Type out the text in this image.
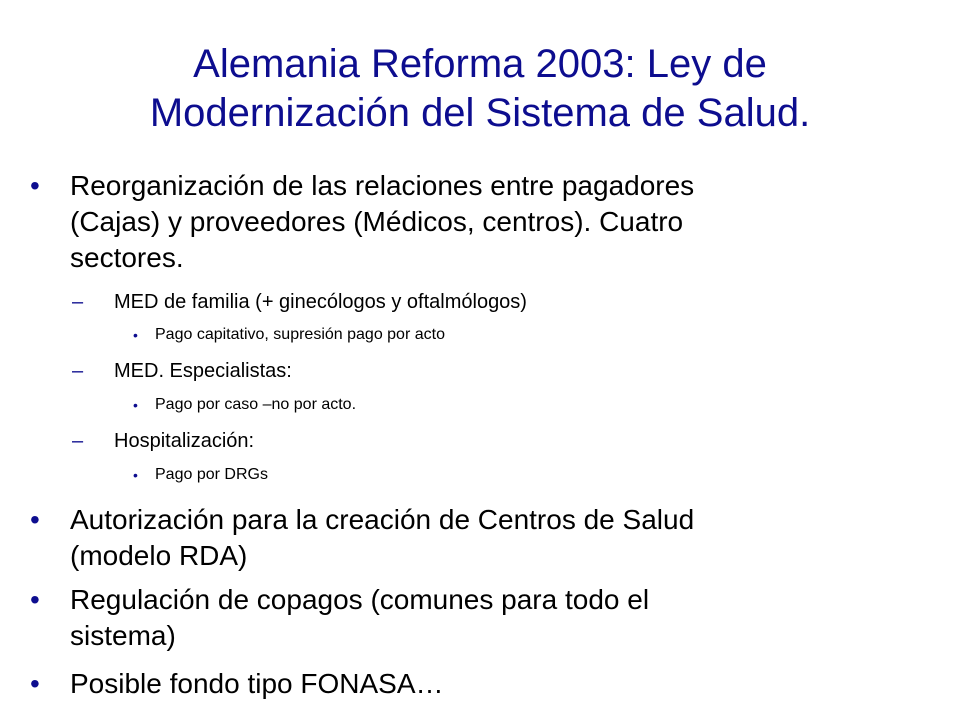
Alemania Reforma 2003: Ley de
Modernización del Sistema de Salud.
• Reorganización de las relaciones entre pagadores
(Cajas) y proveedores (Médicos, centros). Cuatro
sectores.
– MED de familia (+ ginecólogos y oftalmólogos)
• Pago capitativo, supresión pago por acto
– MED. Especialistas:
• Pago por caso –no por acto.
– Hospitalización:
• Pago por DRGs
• Autorización para la creación de Centros de Salud
(modelo RDA)
• Regulación de copagos (comunes para todo el
sistema)
• Posible fondo tipo FONASA…
